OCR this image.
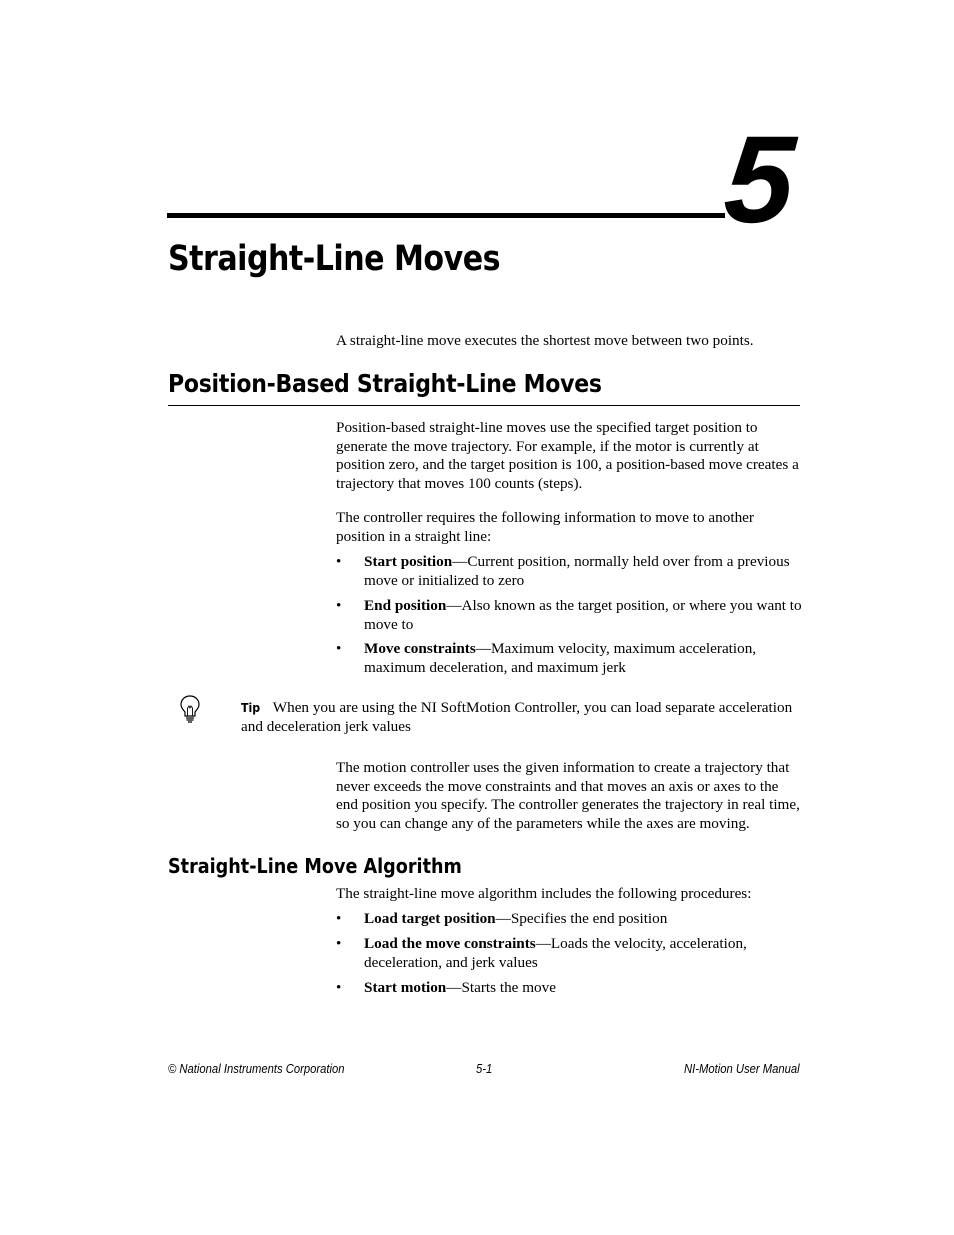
5
Straight-Line Moves
A straight-line move executes the shortest move between two points.
Position-Based Straight-Line Moves
Position-based straight-line moves use the specified target position to generate the move trajectory. For example, if the motor is currently at position zero, and the target position is 100, a position-based move creates a trajectory that moves 100 counts (steps).
The controller requires the following information to move to another position in a straight line:
• Start position—Current position, normally held over from a previous move or initialized to zero
• End position—Also known as the target position, or where you want to move to
• Move constraints—Maximum velocity, maximum acceleration, maximum deceleration, and maximum jerk
Tip When you are using the NI SoftMotion Controller, you can load separate acceleration and deceleration jerk values
The motion controller uses the given information to create a trajectory that never exceeds the move constraints and that moves an axis or axes to the end position you specify. The controller generates the trajectory in real time, so you can change any of the parameters while the axes are moving.
Straight-Line Move Algorithm
The straight-line move algorithm includes the following procedures:
• Load target position—Specifies the end position
• Load the move constraints—Loads the velocity, acceleration, deceleration, and jerk values
• Start motion—Starts the move
© National Instruments Corporation	5-1	NI-Motion User Manual
